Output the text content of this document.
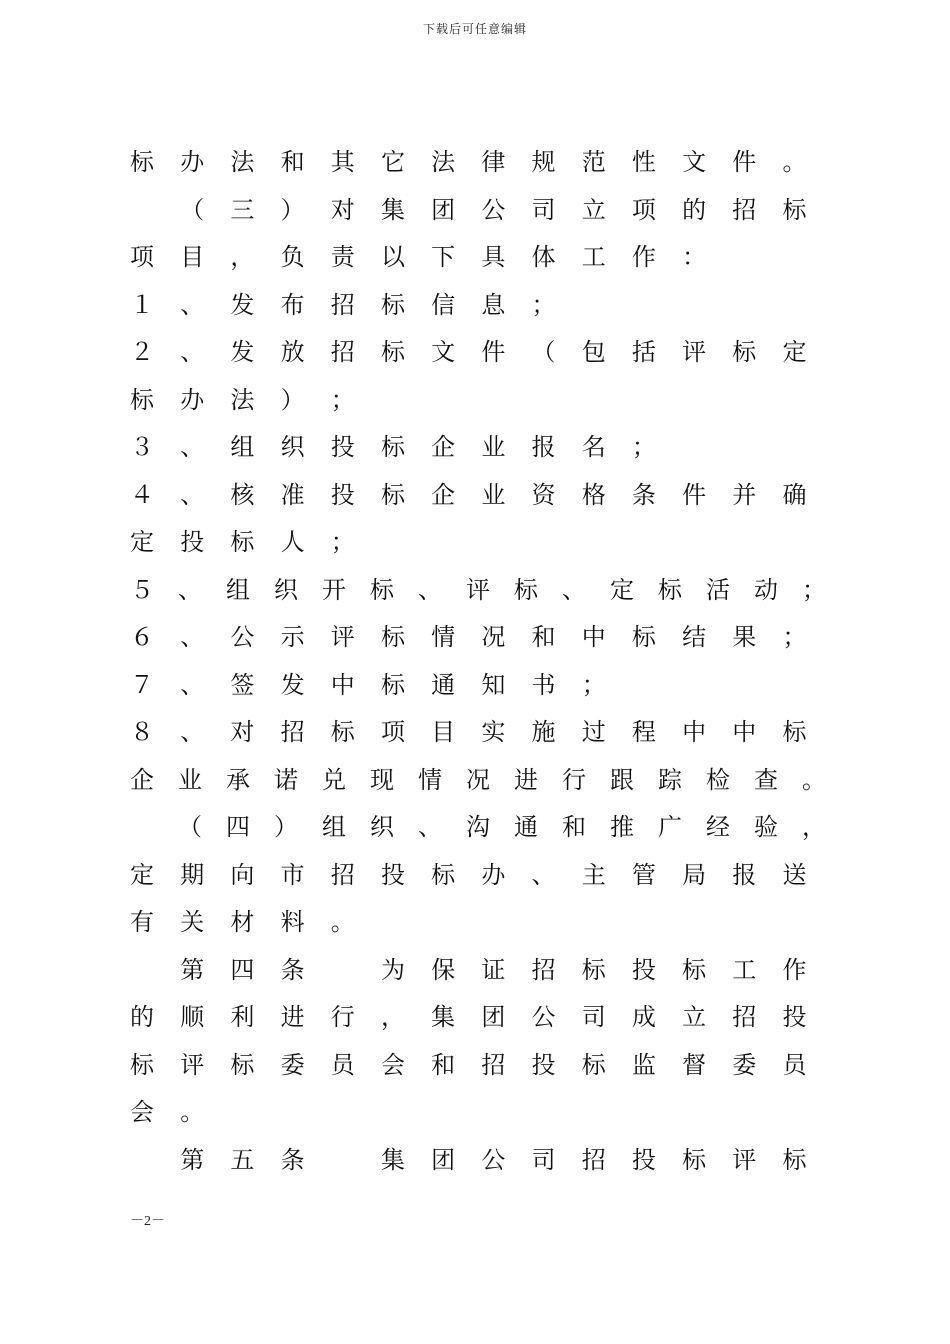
下载后可任意编辑
标	办	法	和	其	它	法	律	规	范	性	文	件	。

（	三	）	对	集	团	公	司	立	项	的	招	标
项	目	，	负	责	以	下	具	体	工	作	：
１	、	发	布	招	标	信	息	；
２	、	发	放	招	标	文	件	（	包	括	评	标	定
标	办	法	）	；
３	、	组	织	投	标	企	业	报	名	；
４	、	核	准	投	标	企	业	资	格	条	件	并	确
定	投	标	人	；
５	、	组	织	开	标	、	评	标	、	定	标	活	动	；
６	、	公	示	评	标	情	况	和	中	标	结	果	；
７	、	签	发	中	标	通	知	书	；
８	、	对	招	标	项	目	实	施	过	程	中	中	标
企	业	承	诺	兑	现	情	况	进	行	跟	踪	检	查	。

（	四	）	组	织	、	沟	通	和	推	广	经	验	，
定	期	向	市	招	投	标	办	、	主	管	局	报	送
有	关	材	料	。

第	四	条
　	为	保	证	招	标	投	标	工	作
的	顺	利	进	行	，	集	团	公	司	成	立	招	投
标	评	标	委	员	会	和	招	投	标	监	督	委	员
会	。

第	五	条
　	集	团	公	司	招	投	标	评	标
－2－
